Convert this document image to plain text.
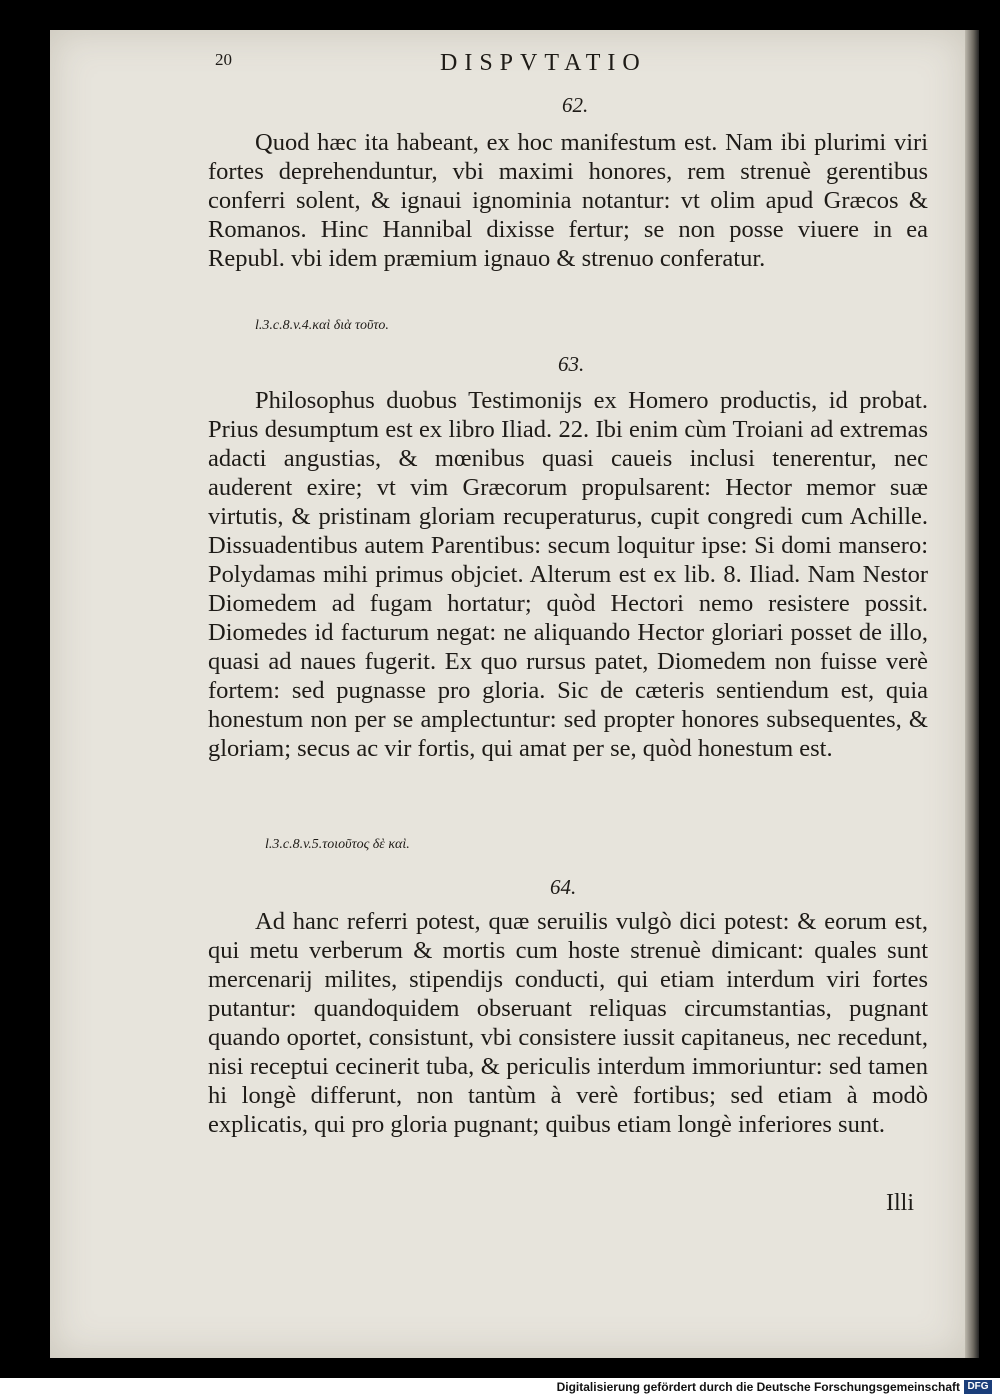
20	DISPVTATIO
62.

Quod hæc ita habeant, ex hoc manifestum est. Nam ibi plurimi viri fortes deprehenduntur, vbi maximi honores, rem strenuè gerentibus conferri solent, & ignaui ignominia notantur: vt olim apud Græcos & Romanos. Hinc Hannibal dixisse fertur; se non posse viuere in ea Republ. vbi idem præmium ignauo & strenuo conferatur.

l.3.c.8.v.4.καὶ διὰ τοῦτο.
63.

Philosophus duobus Testimonijs ex Homero productis, id probat. Prius desumptum est ex libro Iliad. 22. Ibi enim cùm Troiani ad extremas adacti angustias, & mœnibus quasi caueis inclusi tenerentur, nec auderent exire; vt vim Græcorum propulsarent: Hector memor suæ virtutis, & pristinam gloriam recuperaturus, cupit congredi cum Achille. Dissuadentibus autem Parentibus: secum loquitur ipse: Si domi mansero: Polydamas mihi primus objciet. Alterum est ex lib. 8. Iliad. Nam Nestor Diomedem ad fugam hortatur; quòd Hectori nemo resistere possit. Diomedes id facturum negat: ne aliquando Hector gloriari posset de illo, quasi ad naues fugerit. Ex quo rursus patet, Diomedem non fuisse verè fortem: sed pugnasse pro gloria. Sic de cæteris sentiendum est, quia honestum non per se amplectuntur: sed propter honores subsequentes, & gloriam; secus ac vir fortis, qui amat per se, quòd honestum est.

l.3.c.8.v.5.τοιοῦτος δὲ καὶ.
64.

Ad hanc referri potest, quæ seruilis vulgò dici potest: & eorum est, qui metu verberum & mortis cum hoste strenuè dimicant: quales sunt mercenarij milites, stipendijs conducti, qui etiam interdum viri fortes putantur: quandoquidem obseruant reliquas circumstantias, pugnant quando oportet, consistunt, vbi consistere iussit capitaneus, nec recedunt, nisi receptui cecinerit tuba, & periculis interdum immoriuntur: sed tamen hi longè differunt, non tantùm à verè fortibus; sed etiam à modò explicatis, qui pro gloria pugnant; quibus etiam longè inferiores sunt.

Illi
Digitalisierung gefördert durch die Deutsche Forschungsgemeinschaft DFG
